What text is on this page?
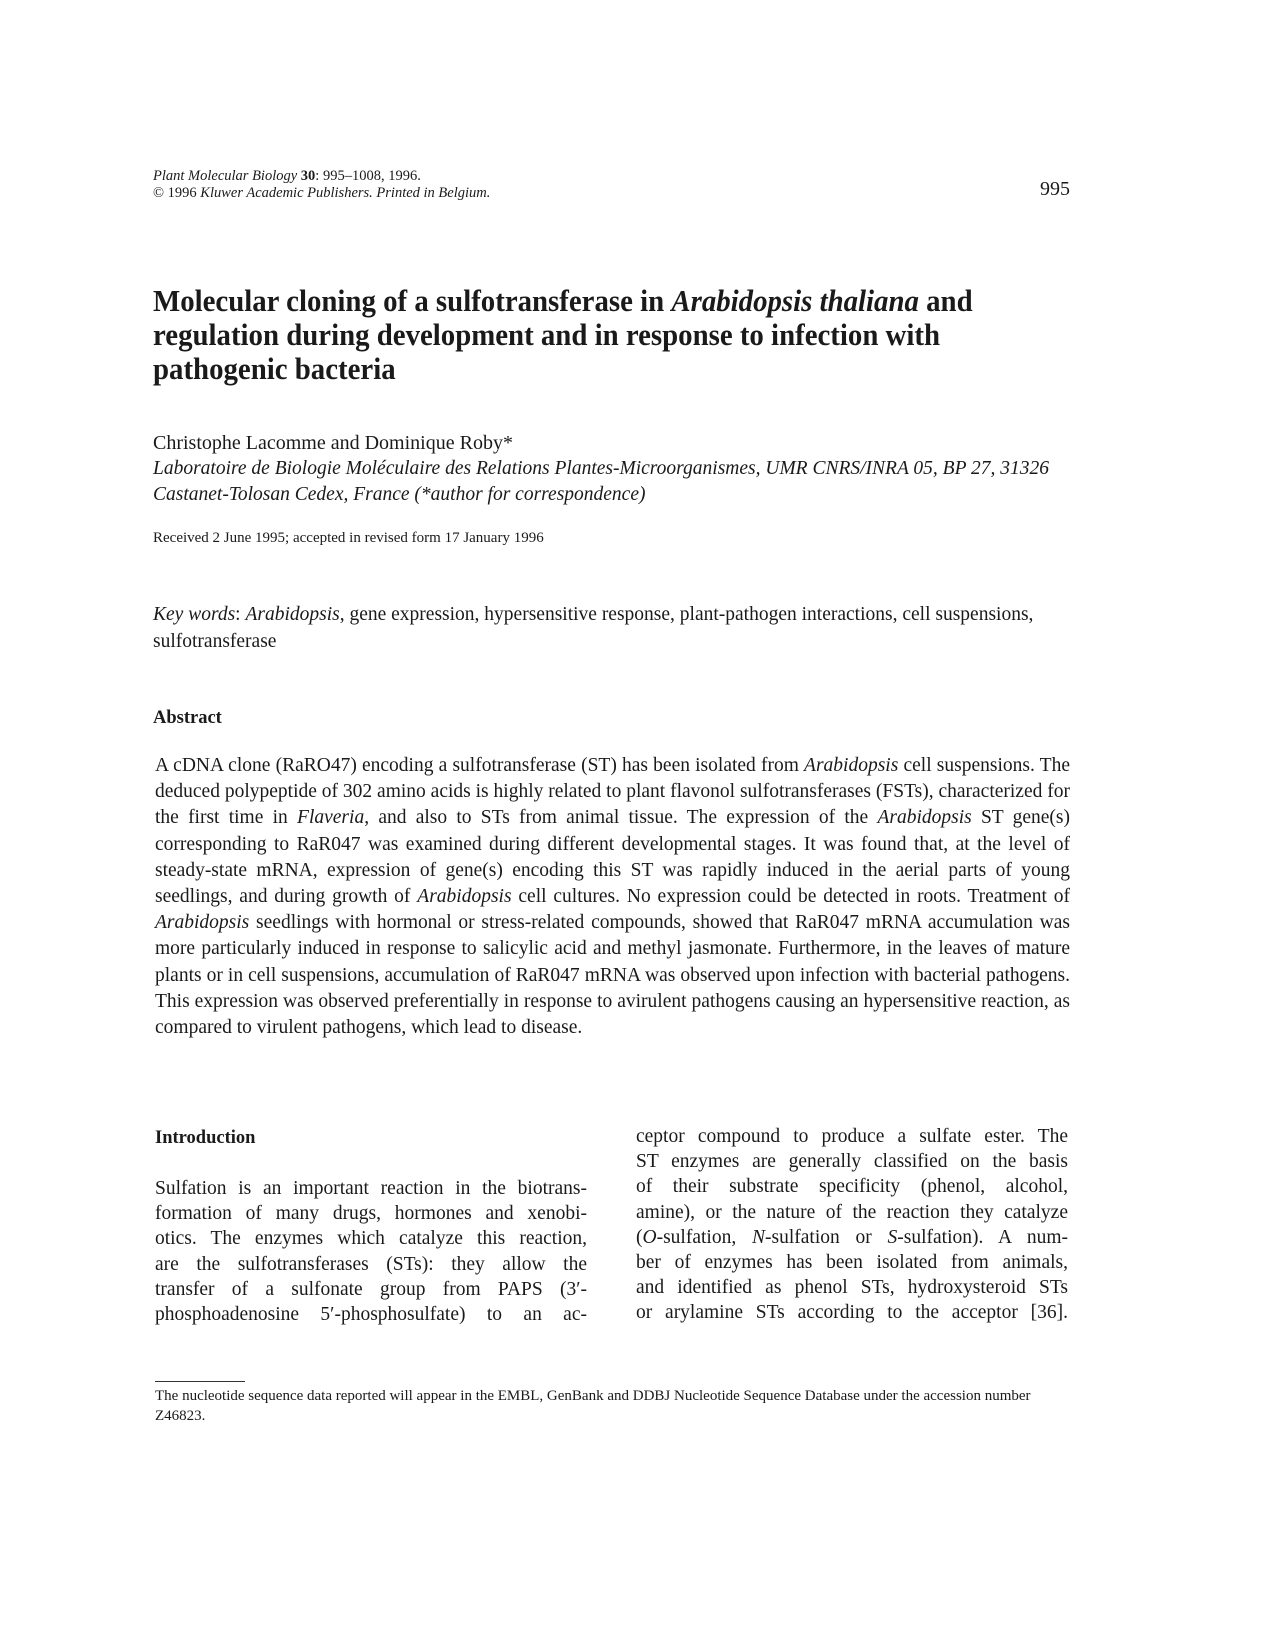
Plant Molecular Biology 30: 995–1008, 1996.
© 1996 Kluwer Academic Publishers. Printed in Belgium.	995
Molecular cloning of a sulfotransferase in Arabidopsis thaliana and regulation during development and in response to infection with pathogenic bacteria
Christophe Lacomme and Dominique Roby*
Laboratoire de Biologie Moléculaire des Relations Plantes-Microorganismes, UMR CNRS/INRA 05, BP 27, 31326 Castanet-Tolosan Cedex, France (*author for correspondence)
Received 2 June 1995; accepted in revised form 17 January 1996
Key words: Arabidopsis, gene expression, hypersensitive response, plant-pathogen interactions, cell suspensions, sulfotransferase
Abstract
A cDNA clone (RaRO47) encoding a sulfotransferase (ST) has been isolated from Arabidopsis cell suspensions. The deduced polypeptide of 302 amino acids is highly related to plant flavonol sulfotransferases (FSTs), characterized for the first time in Flaveria, and also to STs from animal tissue. The expression of the Arabidopsis ST gene(s) corresponding to RaR047 was examined during different developmental stages. It was found that, at the level of steady-state mRNA, expression of gene(s) encoding this ST was rapidly induced in the aerial parts of young seedlings, and during growth of Arabidopsis cell cultures. No expression could be detected in roots. Treatment of Arabidopsis seedlings with hormonal or stress-related compounds, showed that RaR047 mRNA accumulation was more particularly induced in response to salicylic acid and methyl jasmonate. Furthermore, in the leaves of mature plants or in cell suspensions, accumulation of RaR047 mRNA was observed upon infection with bacterial pathogens. This expression was observed preferentially in response to avirulent pathogens causing an hypersensitive reaction, as compared to virulent pathogens, which lead to disease.
Introduction
Sulfation is an important reaction in the biotrans-
formation of many drugs, hormones and xenobi-
otics. The enzymes which catalyze this reaction,
are the sulfotransferases (STs): they allow the
transfer of a sulfonate group from PAPS (3′-
phosphoadenosine 5′-phosphosulfate) to an ac-
ceptor compound to produce a sulfate ester. The
ST enzymes are generally classified on the basis
of their substrate specificity (phenol, alcohol,
amine), or the nature of the reaction they catalyze
(O-sulfation, N-sulfation or S-sulfation). A num-
ber of enzymes has been isolated from animals,
and identified as phenol STs, hydroxysteroid STs
or arylamine STs according to the acceptor [36].
The nucleotide sequence data reported will appear in the EMBL, GenBank and DDBJ Nucleotide Sequence Database under the accession number Z46823.
